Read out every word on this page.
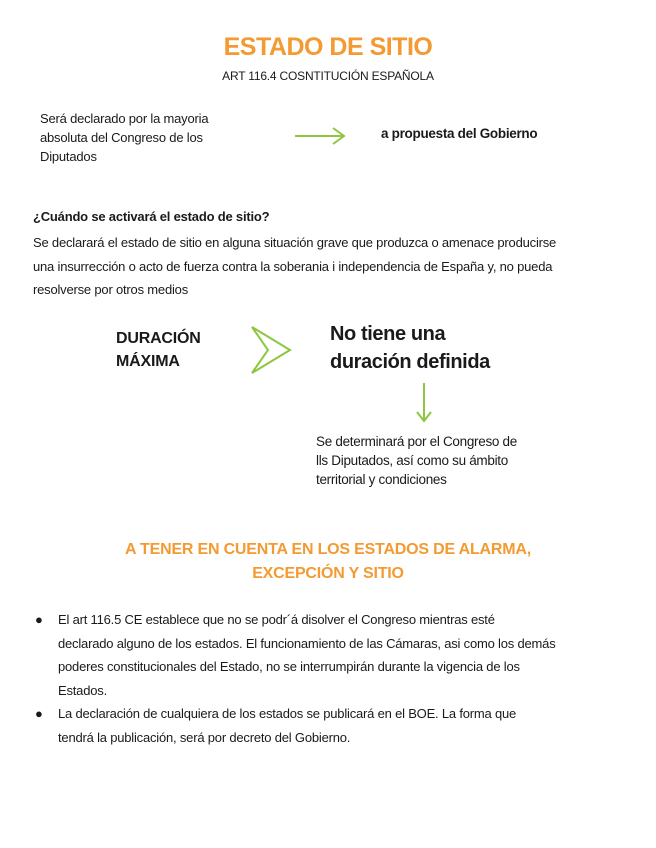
ESTADO DE SITIO
ART 116.4 COSNTITUCIÓN ESPAÑOLA
Será declarado por la mayoria
absoluta del Congreso de los
Diputados
a propuesta del Gobierno
¿Cuándo se activará el estado de sitio?
Se declarará el estado de sitio en alguna situación grave que produzca o amenace producirse
una insurrección o acto de fuerza contra la soberania i independencia de España y, no pueda
resolverse por otros medios
DURACIÓN
MÁXIMA
No tiene una
duración definida
Se determinará por el Congreso de
lls Diputados, así como su ámbito
territorial y condiciones
A TENER EN CUENTA EN LOS ESTADOS DE ALARMA,
EXCEPCIÓN Y SITIO
● El art 116.5 CE establece que no se podr´á disolver el Congreso mientras esté
declarado alguno de los estados. El funcionamiento de las Cámaras, asi como los demás
poderes constitucionales del Estado, no se interrumpirán durante la vigencia de los
Estados.
● La declaración de cualquiera de los estados se publicará en el BOE. La forma que
tendrá la publicación, será por decreto del Gobierno.
